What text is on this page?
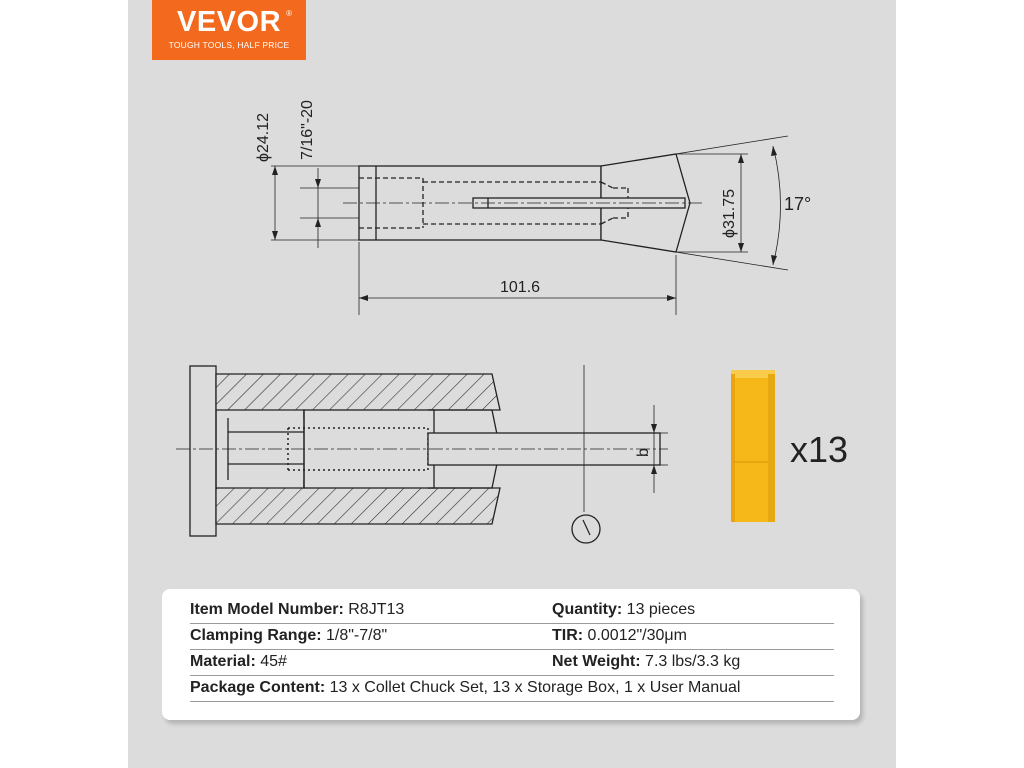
VEVOR ®
TOUGH TOOLS, HALF PRICE
ϕ24.12 7/16"-20
101.6
ϕ31.75	17°
b	x13
Item Model Number: R8JT13	Quantity: 13 pieces
Clamping Range: 1/8"-7/8"	TIR: 0.0012"/30μm
Material: 45#	Net Weight: 7.3 lbs/3.3 kg
Package Content: 13 x Collet Chuck Set, 13 x Storage Box, 1 x User Manual
